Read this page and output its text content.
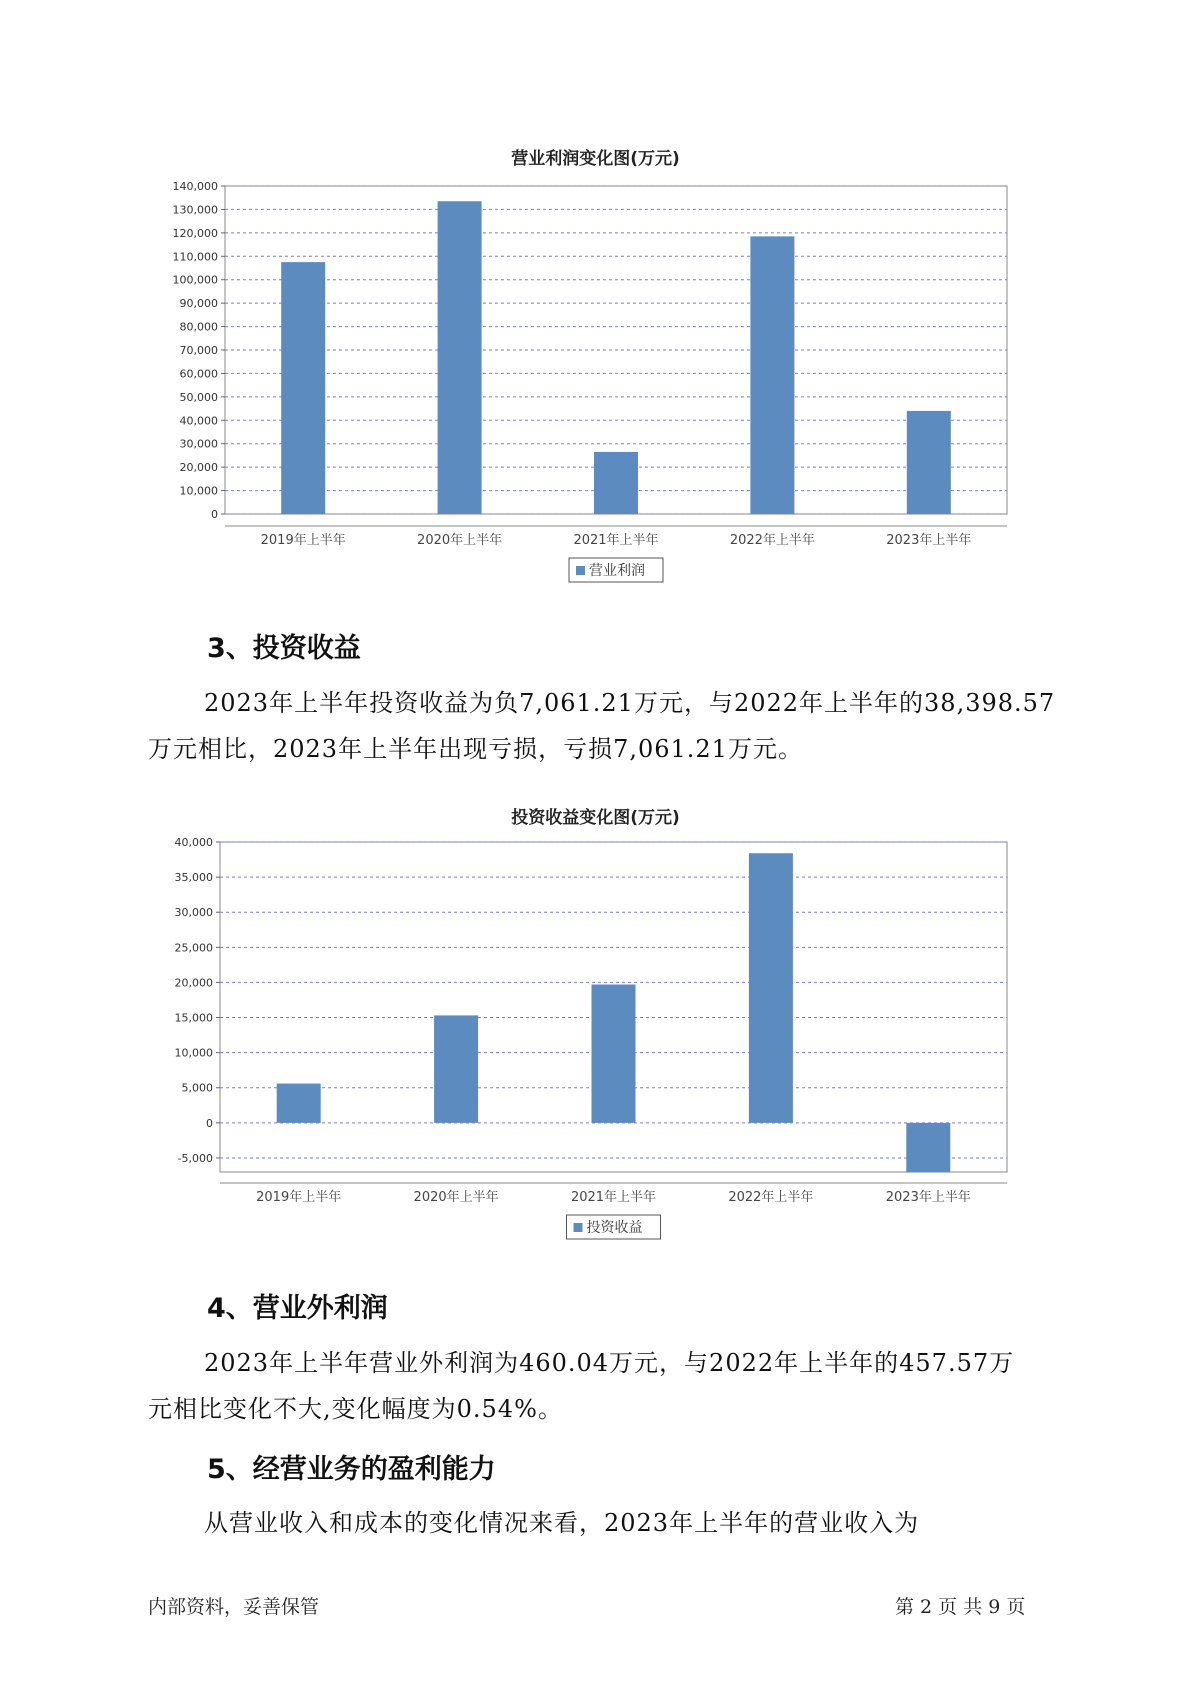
营业利润变化图(万元)
0
10,000
20,000
30,000
40,000
50,000
60,000
70,000
80,000
90,000
100,000
110,000
120,000
130,000
140,000
2019年上半年	2020年上半年	2021年上半年	2022年上半年	2023年上半年
营业利润
3、投资收益
2023年上半年投资收益为负7,061.21万元，与2022年上半年的38,398.57
万元相比，2023年上半年出现亏损，亏损7,061.21万元。
投资收益变化图(万元)
-5,000
0
5,000
10,000
15,000
20,000
25,000
30,000
35,000
40,000
2019年上半年	2020年上半年	2021年上半年	2022年上半年	2023年上半年
投资收益
4、营业外利润
2023年上半年营业外利润为460.04万元，与2022年上半年的457.57万
元相比变化不大,变化幅度为0.54%。
5、经营业务的盈利能力
从营业收入和成本的变化情况来看，2023年上半年的营业收入为
内部资料，妥善保管	第 2 页 共 9 页
